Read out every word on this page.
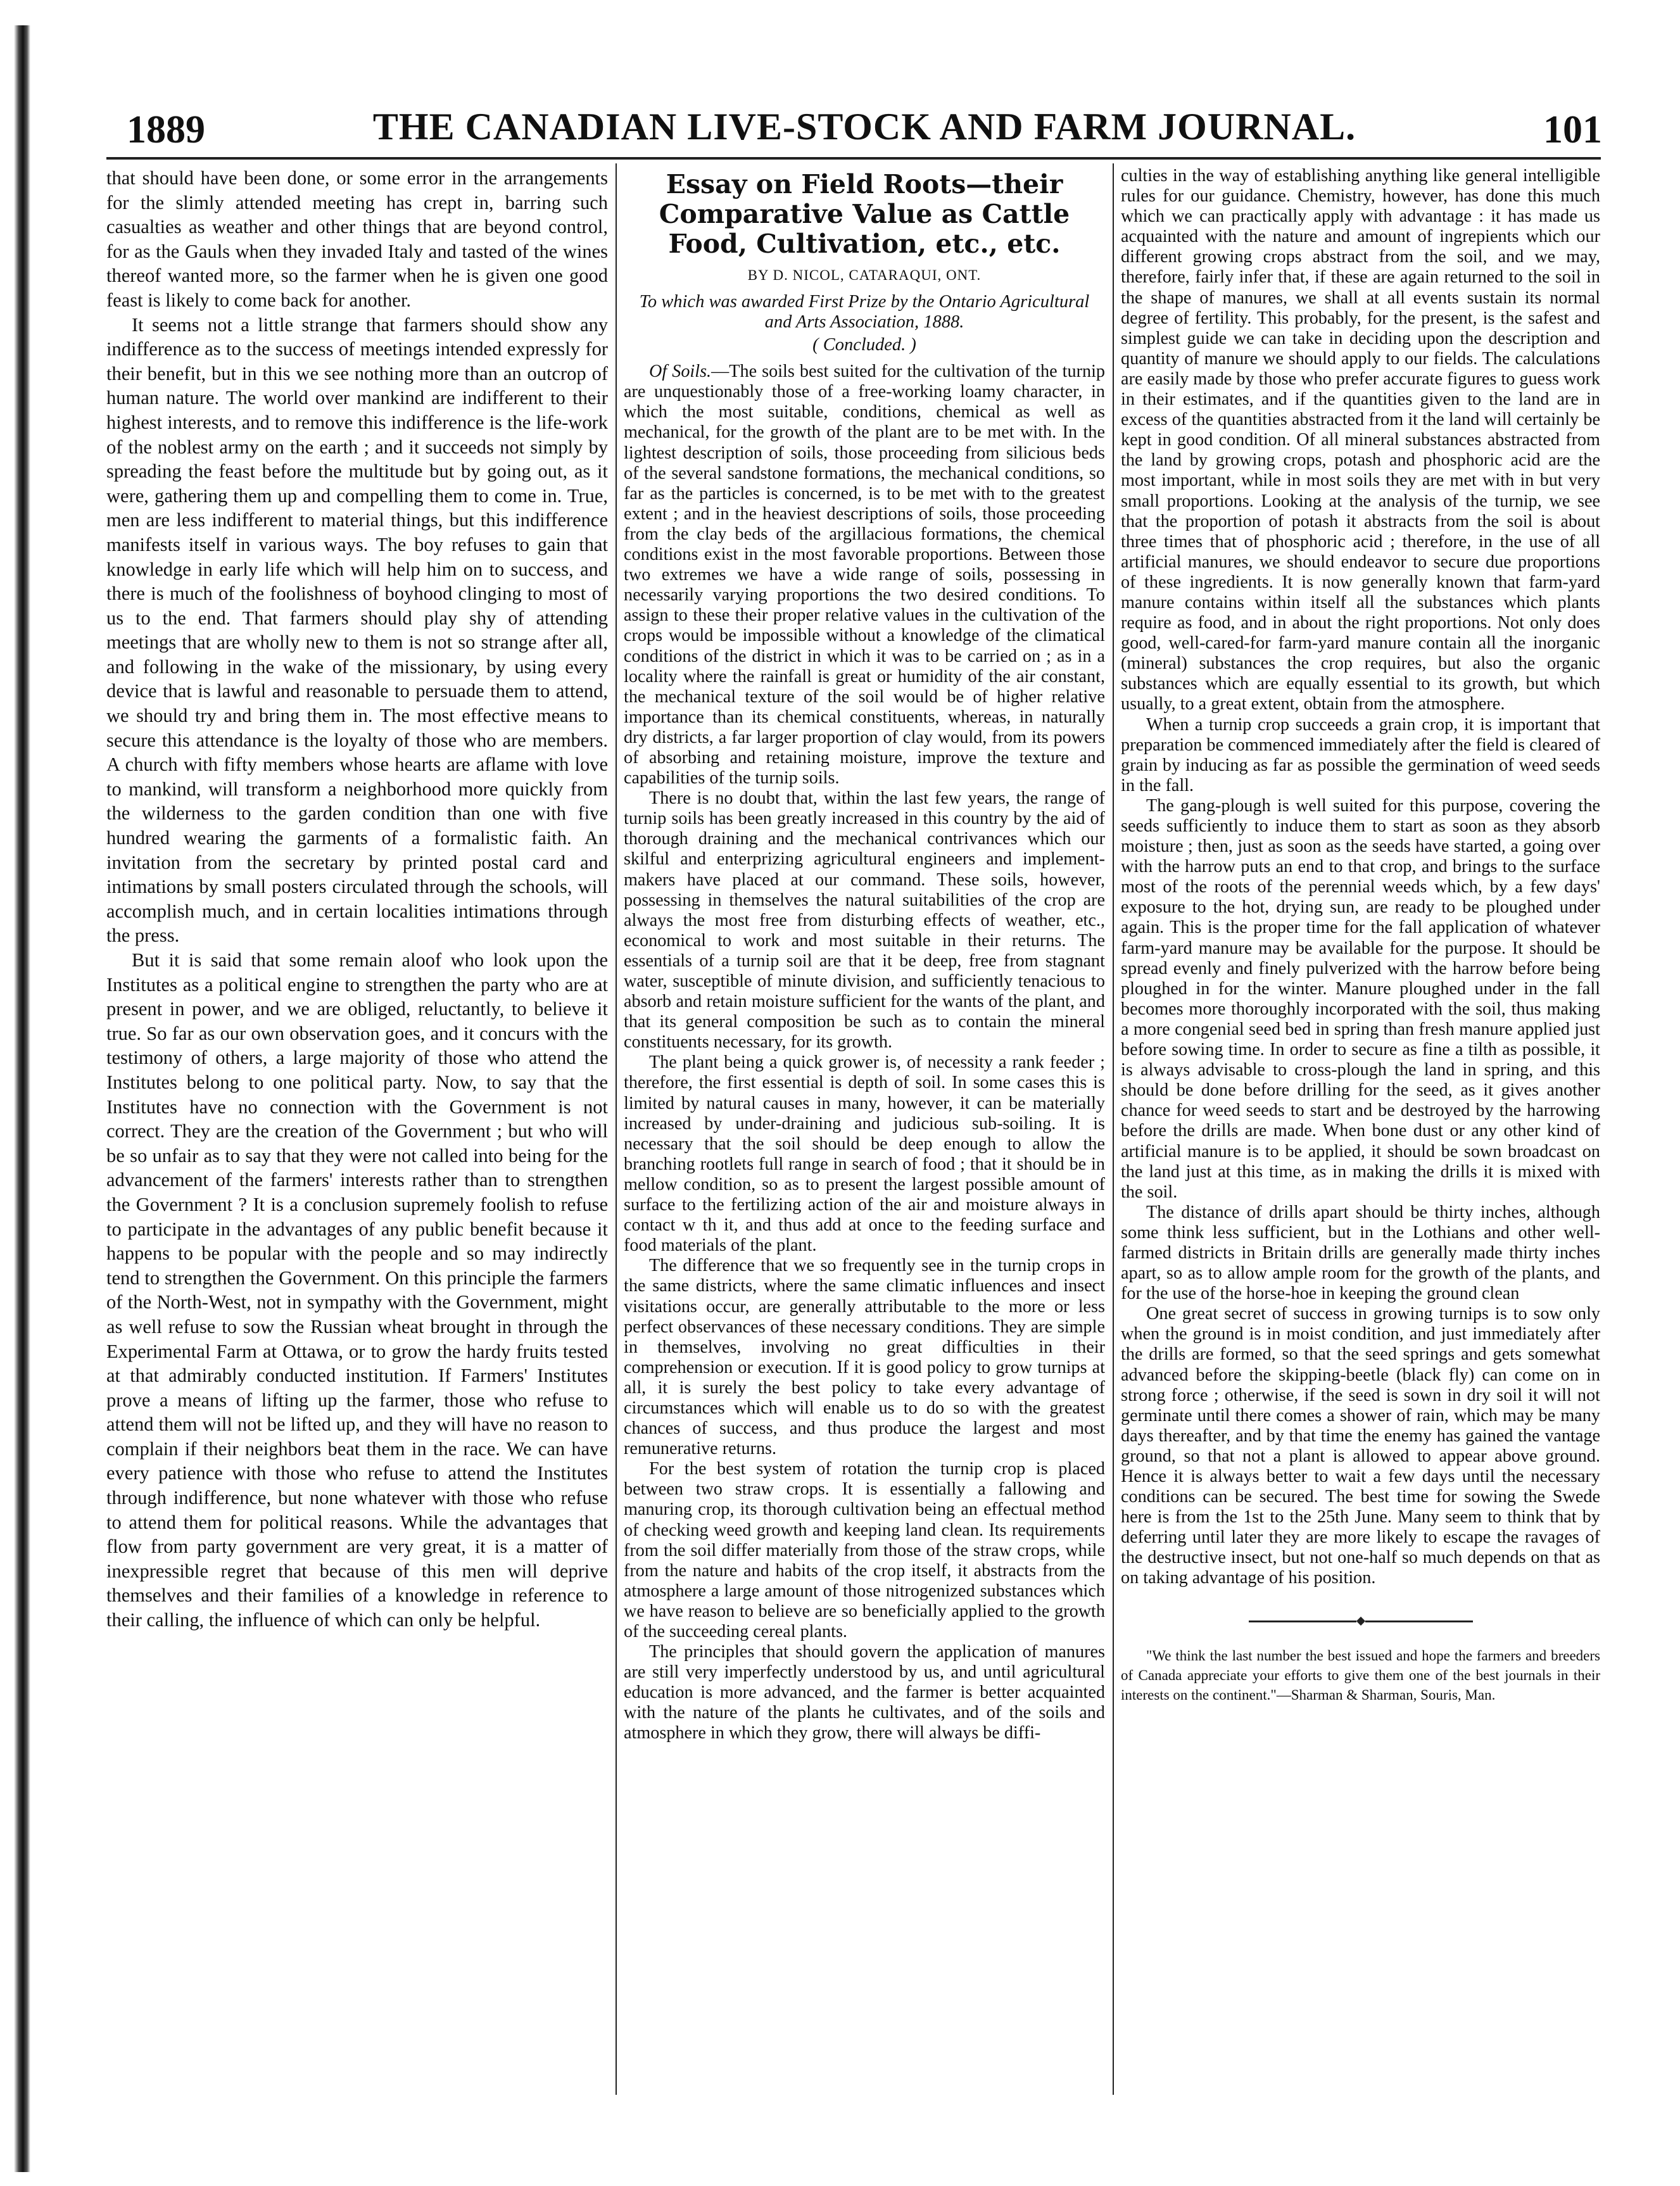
1889	THE CANADIAN LIVE-STOCK AND FARM JOURNAL.	101

that should have been done, or some error in the arrangements for the slimly attended meeting has crept in, barring such casualties as weather and other things that are beyond control, for as the Gauls when they invaded Italy and tasted of the wines thereof wanted more, so the farmer when he is given one good feast is likely to come back for another.

It seems not a little strange that farmers should show any indifference as to the success of meetings intended expressly for their benefit, but in this we see nothing more than an outcrop of human nature. The world over mankind are indifferent to their highest interests, and to remove this indifference is the life-work of the noblest army on the earth ; and it succeeds not simply by spreading the feast before the multitude but by going out, as it were, gathering them up and compelling them to come in. True, men are less indifferent to material things, but this indifference manifests itself in various ways. The boy refuses to gain that knowledge in early life which will help him on to success, and there is much of the foolishness of boyhood clinging to most of us to the end. That farmers should play shy of attending meetings that are wholly new to them is not so strange after all, and following in the wake of the missionary, by using every device that is lawful and reasonable to persuade them to attend, we should try and bring them in. The most effective means to secure this attendance is the loyalty of those who are members. A church with fifty members whose hearts are aflame with love to mankind, will transform a neighborhood more quickly from the wilderness to the garden condition than one with five hundred wearing the garments of a formalistic faith. An invitation from the secretary by printed postal card and intimations by small posters circulated through the schools, will accomplish much, and in certain localities intimations through the press.

But it is said that some remain aloof who look upon the Institutes as a political engine to strengthen the party who are at present in power, and we are obliged, reluctantly, to believe it true. So far as our own observation goes, and it concurs with the testimony of others, a large majority of those who attend the Institutes belong to one political party. Now, to say that the Institutes have no connection with the Government is not correct. They are the creation of the Government ; but who will be so unfair as to say that they were not called into being for the advancement of the farmers' interests rather than to strengthen the Government ? It is a conclusion supremely foolish to refuse to participate in the advantages of any public benefit because it happens to be popular with the people and so may indirectly tend to strengthen the Government. On this principle the farmers of the North-West, not in sympathy with the Government, might as well refuse to sow the Russian wheat brought in through the Experimental Farm at Ottawa, or to grow the hardy fruits tested at that admirably conducted institution. If Farmers' Institutes prove a means of lifting up the farmer, those who refuse to attend them will not be lifted up, and they will have no reason to complain if their neighbors beat them in the race. We can have every patience with those who refuse to attend the Institutes through indifference, but none whatever with those who refuse to attend them for political reasons. While the advantages that flow from party government are very great, it is a matter of inexpressible regret that because of this men will deprive themselves and their families of a knowledge in reference to their calling, the influence of which can only be helpful.

Essay on Field Roots—their Comparative Value as Cattle Food, Cultivation, etc., etc.
BY D. NICOL, CATARAQUI, ONT.
To which was awarded First Prize by the Ontario Agricultural and Arts Association, 1888.
( Concluded. )

Of Soils.—The soils best suited for the cultivation of the turnip are unquestionably those of a free-working loamy character, in which the most suitable, conditions, chemical as well as mechanical, for the growth of the plant are to be met with. In the lightest description of soils, those proceeding from silicious beds of the several sandstone formations, the mechanical conditions, so far as the particles is concerned, is to be met with to the greatest extent ; and in the heaviest descriptions of soils, those proceeding from the clay beds of the argillacious formations, the chemical conditions exist in the most favorable proportions. Between those two extremes we have a wide range of soils, possessing in necessarily varying proportions the two desired conditions. To assign to these their proper relative values in the cultivation of the crops would be impossible without a knowledge of the climatical conditions of the district in which it was to be carried on ; as in a locality where the rainfall is great or humidity of the air constant, the mechanical texture of the soil would be of higher relative importance than its chemical constituents, whereas, in naturally dry districts, a far larger proportion of clay would, from its powers of absorbing and retaining moisture, improve the texture and capabilities of the turnip soils.

There is no doubt that, within the last few years, the range of turnip soils has been greatly increased in this country by the aid of thorough draining and the mechanical contrivances which our skilful and enterprizing agricultural engineers and implement-makers have placed at our command. These soils, however, possessing in themselves the natural suitabilities of the crop are always the most free from disturbing effects of weather, etc., economical to work and most suitable in their returns. The essentials of a turnip soil are that it be deep, free from stagnant water, susceptible of minute division, and sufficiently tenacious to absorb and retain moisture sufficient for the wants of the plant, and that its general composition be such as to contain the mineral constituents necessary, for its growth.

The plant being a quick grower is, of necessity a rank feeder ; therefore, the first essential is depth of soil. In some cases this is limited by natural causes in many, however, it can be materially increased by under-draining and judicious sub-soiling. It is necessary that the soil should be deep enough to allow the branching rootlets full range in search of food ; that it should be in mellow condition, so as to present the largest possible amount of surface to the fertilizing action of the air and moisture always in contact w th it, and thus add at once to the feeding surface and food materials of the plant.

The difference that we so frequently see in the turnip crops in the same districts, where the same climatic influences and insect visitations occur, are generally attributable to the more or less perfect observances of these necessary conditions. They are simple in themselves, involving no great difficulties in their comprehension or execution. If it is good policy to grow turnips at all, it is surely the best policy to take every advantage of circumstances which will enable us to do so with the greatest chances of success, and thus produce the largest and most remunerative returns.

For the best system of rotation the turnip crop is placed between two straw crops. It is essentially a fallowing and manuring crop, its thorough cultivation being an effectual method of checking weed growth and keeping land clean. Its requirements from the soil differ materially from those of the straw crops, while from the nature and habits of the crop itself, it abstracts from the atmosphere a large amount of those nitrogenized substances which we have reason to believe are so beneficially applied to the growth of the succeeding cereal plants.

The principles that should govern the application of manures are still very imperfectly understood by us, and until agricultural education is more advanced, and the farmer is better acquainted with the nature of the plants he cultivates, and of the soils and atmosphere in which they grow, there will always be diffi-

culties in the way of establishing anything like general intelligible rules for our guidance. Chemistry, however, has done this much which we can practically apply with advantage : it has made us acquainted with the nature and amount of ingrepients which our different growing crops abstract from the soil, and we may, therefore, fairly infer that, if these are again returned to the soil in the shape of manures, we shall at all events sustain its normal degree of fertility. This probably, for the present, is the safest and simplest guide we can take in deciding upon the description and quantity of manure we should apply to our fields. The calculations are easily made by those who prefer accurate figures to guess work in their estimates, and if the quantities given to the land are in excess of the quantities abstracted from it the land will certainly be kept in good condition. Of all mineral substances abstracted from the land by growing crops, potash and phosphoric acid are the most important, while in most soils they are met with in but very small proportions. Looking at the analysis of the turnip, we see that the proportion of potash it abstracts from the soil is about three times that of phosphoric acid ; therefore, in the use of all artificial manures, we should endeavor to secure due proportions of these ingredients. It is now generally known that farm-yard manure contains within itself all the substances which plants require as food, and in about the right proportions. Not only does good, well-cared-for farm-yard manure contain all the inorganic (mineral) substances the crop requires, but also the organic substances which are equally essential to its growth, but which usually, to a great extent, obtain from the atmosphere.

When a turnip crop succeeds a grain crop, it is important that preparation be commenced immediately after the field is cleared of grain by inducing as far as possible the germination of weed seeds in the fall.

The gang-plough is well suited for this purpose, covering the seeds sufficiently to induce them to start as soon as they absorb moisture ; then, just as soon as the seeds have started, a going over with the harrow puts an end to that crop, and brings to the surface most of the roots of the perennial weeds which, by a few days' exposure to the hot, drying sun, are ready to be ploughed under again. This is the proper time for the fall application of whatever farm-yard manure may be available for the purpose. It should be spread evenly and finely pulverized with the harrow before being ploughed in for the winter. Manure ploughed under in the fall becomes more thoroughly incorporated with the soil, thus making a more congenial seed bed in spring than fresh manure applied just before sowing time. In order to secure as fine a tilth as possible, it is always advisable to cross-plough the land in spring, and this should be done before drilling for the seed, as it gives another chance for weed seeds to start and be destroyed by the harrowing before the drills are made. When bone dust or any other kind of artificial manure is to be applied, it should be sown broadcast on the land just at this time, as in making the drills it is mixed with the soil.

The distance of drills apart should be thirty inches, although some think less sufficient, but in the Lothians and other well-farmed districts in Britain drills are generally made thirty inches apart, so as to allow ample room for the growth of the plants, and for the use of the horse-hoe in keeping the ground clean

One great secret of success in growing turnips is to sow only when the ground is in moist condition, and just immediately after the drills are formed, so that the seed springs and gets somewhat advanced before the skipping-beetle (black fly) can come on in strong force ; otherwise, if the seed is sown in dry soil it will not germinate until there comes a shower of rain, which may be many days thereafter, and by that time the enemy has gained the vantage ground, so that not a plant is allowed to appear above ground. Hence it is always better to wait a few days until the necessary conditions can be secured. The best time for sowing the Swede here is from the 1st to the 25th June. Many seem to think that by deferring until later they are more likely to escape the ravages of the destructive insect, but not one-half so much depends on that as on taking advantage of his position.

"We think the last number the best issued and hope the farmers and breeders of Canada appreciate your efforts to give them one of the best journals in their interests on the continent."—Sharman & Sharman, Souris, Man.
